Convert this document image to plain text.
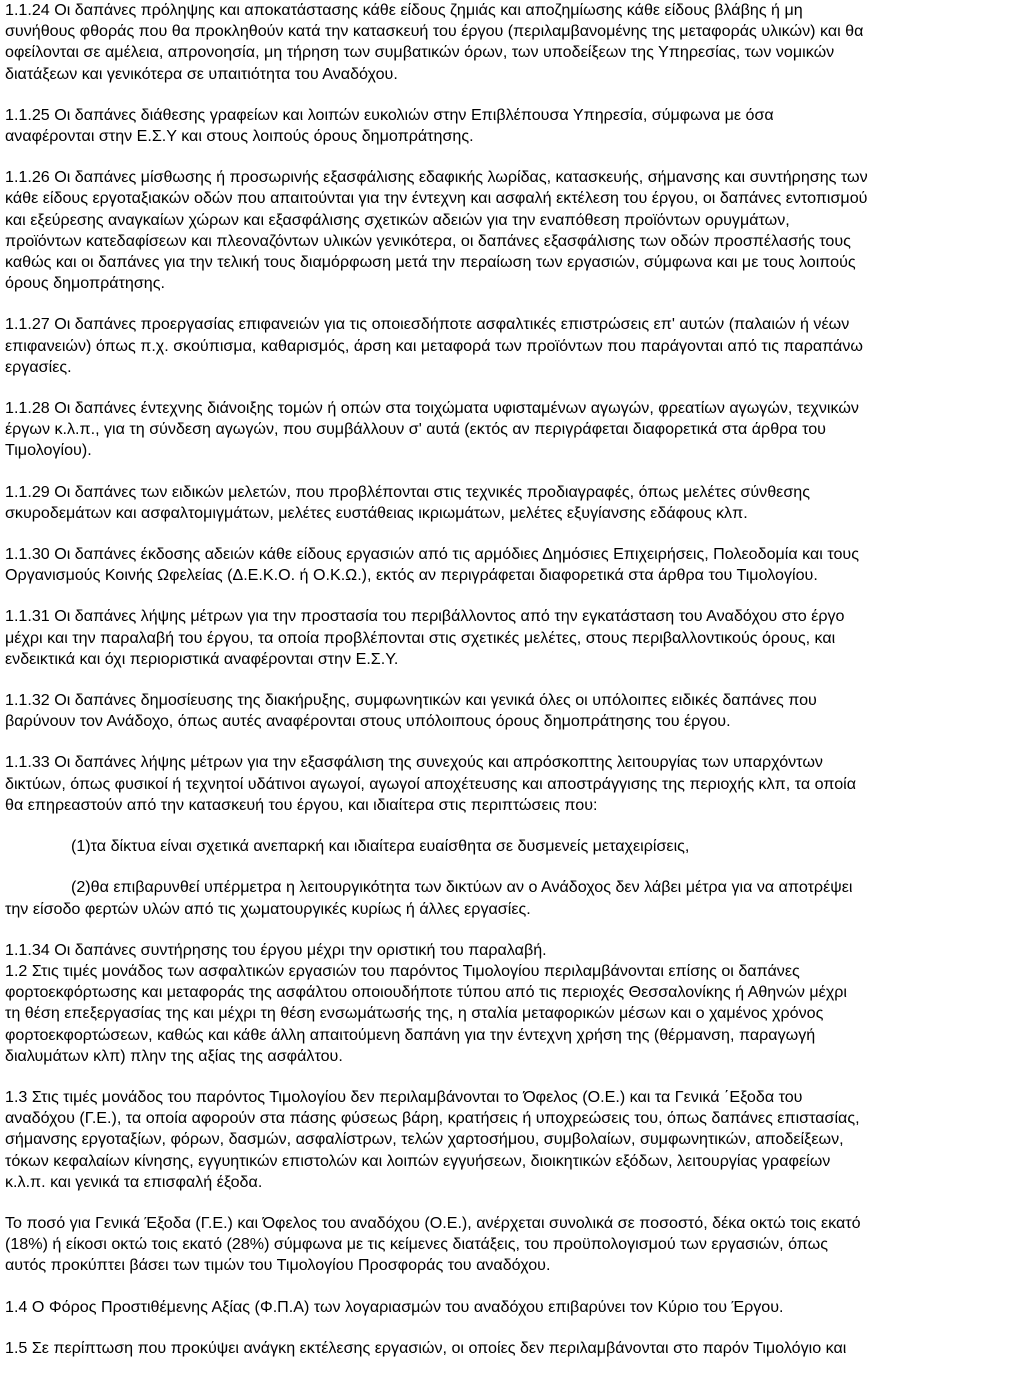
1.1.24 Οι δαπάνες πρόληψης και αποκατάστασης κάθε είδους ζημιάς και αποζημίωσης κάθε είδους βλάβης ή μη
συνήθους φθοράς που θα προκληθούν κατά την κατασκευή του έργου (περιλαμβανομένης της μεταφοράς υλικών) και θα
οφείλονται σε αμέλεια, απρονοησία, μη τήρηση των συμβατικών όρων, των υποδείξεων της Υπηρεσίας, των νομικών
διατάξεων και γενικότερα σε υπαιτιότητα του Αναδόχου.

1.1.25 Οι δαπάνες διάθεσης γραφείων και λοιπών ευκολιών στην Επιβλέπουσα Υπηρεσία, σύμφωνα με όσα
αναφέρονται στην Ε.Σ.Υ και στους λοιπούς όρους δημοπράτησης.

1.1.26 Οι δαπάνες μίσθωσης ή προσωρινής εξασφάλισης εδαφικής λωρίδας, κατασκευής, σήμανσης και συντήρησης των
κάθε είδους εργοταξιακών οδών που απαιτούνται για την έντεχνη και ασφαλή εκτέλεση του έργου, οι δαπάνες εντοπισμού
και εξεύρεσης αναγκαίων χώρων και εξασφάλισης σχετικών αδειών για την εναπόθεση προϊόντων ορυγμάτων,
προϊόντων κατεδαφίσεων και πλεοναζόντων υλικών γενικότερα, οι δαπάνες εξασφάλισης των οδών προσπέλασής τους
καθώς και οι δαπάνες για την τελική τους διαμόρφωση μετά την περαίωση των εργασιών, σύμφωνα και με τους λοιπούς
όρους δημοπράτησης.

1.1.27 Οι δαπάνες προεργασίας επιφανειών για τις οποιεσδήποτε ασφαλτικές επιστρώσεις επ' αυτών (παλαιών ή νέων
επιφανειών) όπως π.χ. σκούπισμα, καθαρισμός, άρση και μεταφορά των προϊόντων που παράγονται από τις παραπάνω
εργασίες.

1.1.28 Οι δαπάνες έντεχνης διάνοιξης τομών ή οπών στα τοιχώματα υφισταμένων αγωγών, φρεατίων αγωγών, τεχνικών
έργων κ.λ.π., για τη σύνδεση αγωγών, που συμβάλλουν σ' αυτά (εκτός αν περιγράφεται διαφορετικά στα άρθρα του
Τιμολογίου).

1.1.29 Οι δαπάνες των ειδικών μελετών, που προβλέπονται στις τεχνικές προδιαγραφές, όπως μελέτες σύνθεσης
σκυροδεμάτων και ασφαλτομιγμάτων, μελέτες ευστάθειας ικριωμάτων, μελέτες εξυγίανσης εδάφους κλπ.

1.1.30 Οι δαπάνες έκδοσης αδειών κάθε είδους εργασιών από τις αρμόδιες Δημόσιες Επιχειρήσεις, Πολεοδομία και τους
Οργανισμούς Κοινής Ωφελείας (Δ.Ε.Κ.Ο. ή Ο.Κ.Ω.), εκτός αν περιγράφεται διαφορετικά στα άρθρα του Τιμολογίου.

1.1.31 Οι δαπάνες λήψης μέτρων για την προστασία του περιβάλλοντος από την εγκατάσταση του Αναδόχου στο έργο
μέχρι και την παραλαβή του έργου, τα οποία προβλέπονται στις σχετικές μελέτες, στους περιβαλλοντικούς όρους, και
ενδεικτικά και όχι περιοριστικά αναφέρονται στην Ε.Σ.Υ.

1.1.32 Οι δαπάνες δημοσίευσης της διακήρυξης, συμφωνητικών και γενικά όλες οι υπόλοιπες ειδικές δαπάνες που
βαρύνουν τον Ανάδοχο, όπως αυτές αναφέρονται στους υπόλοιπους όρους δημοπράτησης του έργου.

1.1.33 Οι δαπάνες λήψης μέτρων για την εξασφάλιση της συνεχούς και απρόσκοπτης λειτουργίας των υπαρχόντων
δικτύων, όπως φυσικοί ή τεχνητοί υδάτινοι αγωγοί, αγωγοί αποχέτευσης και αποστράγγισης της περιοχής κλπ, τα οποία
θα επηρεαστούν από την κατασκευή του έργου, και ιδιαίτερα στις περιπτώσεις που:

(1)τα δίκτυα είναι σχετικά ανεπαρκή και ιδιαίτερα ευαίσθητα σε δυσμενείς μεταχειρίσεις,

(2)θα επιβαρυνθεί υπέρμετρα η λειτουργικότητα των δικτύων αν ο Ανάδοχος δεν λάβει μέτρα για να αποτρέψει
την είσοδο φερτών υλών από τις χωματουργικές κυρίως ή άλλες εργασίες.

1.1.34 Οι δαπάνες συντήρησης του έργου μέχρι την οριστική του παραλαβή.

1.2 Στις τιμές μονάδος των ασφαλτικών εργασιών του παρόντος Τιμολογίου περιλαμβάνονται επίσης οι δαπάνες
φορτοεκφόρτωσης και μεταφοράς της ασφάλτου οποιουδήποτε τύπου από τις περιοχές Θεσσαλονίκης ή Αθηνών μέχρι
τη θέση επεξεργασίας της και μέχρι τη θέση ενσωμάτωσής της, η σταλία μεταφορικών μέσων και ο χαμένος χρόνος
φορτοεκφορτώσεων, καθώς και κάθε άλλη απαιτούμενη δαπάνη για την έντεχνη χρήση της (θέρμανση, παραγωγή
διαλυμάτων κλπ) πλην της αξίας της ασφάλτου.

1.3 Στις τιμές μονάδος του παρόντος Τιμολογίου δεν περιλαμβάνονται το Όφελος (Ο.Ε.) και τα Γενικά ΄Εξοδα του
αναδόχου (Γ.Ε.), τα οποία αφορούν στα πάσης φύσεως βάρη, κρατήσεις ή υποχρεώσεις του, όπως δαπάνες επιστασίας,
σήμανσης εργοταξίων, φόρων, δασμών, ασφαλίστρων, τελών χαρτοσήμου, συμβολαίων, συμφωνητικών, αποδείξεων,
τόκων κεφαλαίων κίνησης, εγγυητικών επιστολών και λοιπών εγγυήσεων, διοικητικών εξόδων, λειτουργίας γραφείων
κ.λ.π. και γενικά τα επισφαλή έξοδα.

Το ποσό για Γενικά Έξοδα (Γ.Ε.) και Όφελος του αναδόχου (Ο.Ε.), ανέρχεται συνολικά σε ποσοστό, δέκα οκτώ τοις εκατό
(18%) ή είκοσι οκτώ τοις εκατό (28%) σύμφωνα με τις κείμενες διατάξεις, του προϋπολογισμού των εργασιών, όπως
αυτός προκύπτει βάσει των τιμών του Τιμολογίου Προσφοράς του αναδόχου.

1.4 Ο Φόρος Προστιθέμενης Αξίας (Φ.Π.Α) των λογαριασμών του αναδόχου επιβαρύνει τον Κύριο του Έργου.

1.5 Σε περίπτωση που προκύψει ανάγκη εκτέλεσης εργασιών, οι οποίες δεν περιλαμβάνονται στο παρόν Τιμολόγιο και
